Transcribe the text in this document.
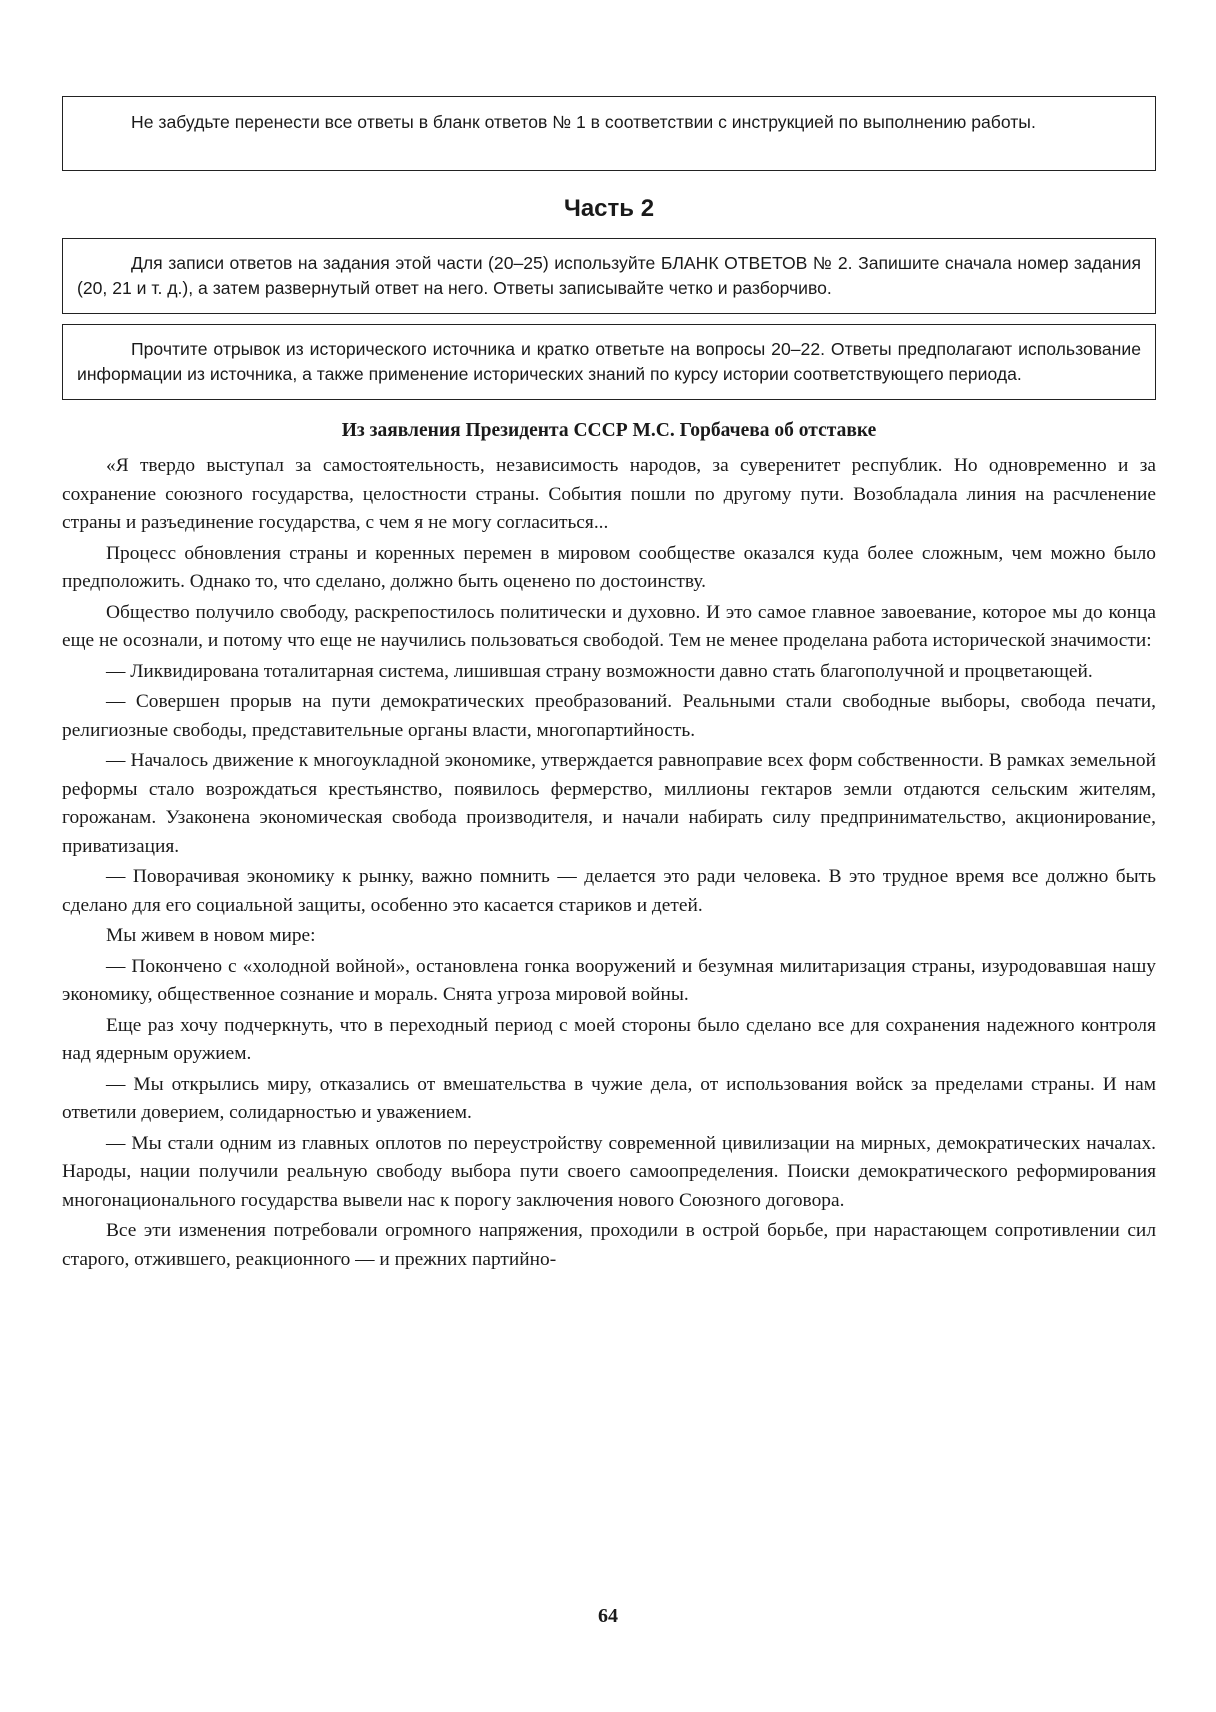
Не забудьте перенести все ответы в бланк ответов № 1 в соответствии с инструкцией по выполнению работы.

Часть 2

Для записи ответов на задания этой части (20–25) используйте БЛАНК ОТВЕТОВ № 2. Запишите сначала номер задания (20, 21 и т. д.), а затем развернутый ответ на него. Ответы записывайте четко и разборчиво.

Прочтите отрывок из исторического источника и кратко ответьте на вопросы 20–22. Ответы предполагают использование информации из источника, а также применение исторических знаний по курсу истории соответствующего периода.

Из заявления Президента СССР М.С. Горбачева об отставке

«Я твердо выступал за самостоятельность, независимость народов, за суверенитет республик. Но одновременно и за сохранение союзного государства, целостности страны. События пошли по другому пути. Возобладала линия на расчленение страны и разъединение государства, с чем я не могу согласиться...

Процесс обновления страны и коренных перемен в мировом сообществе оказался куда более сложным, чем можно было предположить. Однако то, что сделано, должно быть оценено по достоинству.

Общество получило свободу, раскрепостилось политически и духовно. И это самое главное завоевание, которое мы до конца еще не осознали, и потому что еще не научились пользоваться свободой. Тем не менее проделана работа исторической значимости:

— Ликвидирована тоталитарная система, лишившая страну возможности давно стать благополучной и процветающей.

— Совершен прорыв на пути демократических преобразований. Реальными стали свободные выборы, свобода печати, религиозные свободы, представительные органы власти, многопартийность.

— Началось движение к многоукладной экономике, утверждается равноправие всех форм собственности. В рамках земельной реформы стало возрождаться крестьянство, появилось фермерство, миллионы гектаров земли отдаются сельским жителям, горожанам. Узаконена экономическая свобода производителя, и начали набирать силу предпринимательство, акционирование, приватизация.

— Поворачивая экономику к рынку, важно помнить — делается это ради человека. В это трудное время все должно быть сделано для его социальной защиты, особенно это касается стариков и детей.

Мы живем в новом мире:

— Покончено с «холодной войной», остановлена гонка вооружений и безумная милитаризация страны, изуродовавшая нашу экономику, общественное сознание и мораль. Снята угроза мировой войны.

Еще раз хочу подчеркнуть, что в переходный период с моей стороны было сделано все для сохранения надежного контроля над ядерным оружием.

— Мы открылись миру, отказались от вмешательства в чужие дела, от использования войск за пределами страны. И нам ответили доверием, солидарностью и уважением.

— Мы стали одним из главных оплотов по переустройству современной цивилизации на мирных, демократических началах. Народы, нации получили реальную свободу выбора пути своего самоопределения. Поиски демократического реформирования многонационального государства вывели нас к порогу заключения нового Союзного договора.

Все эти изменения потребовали огромного напряжения, проходили в острой борьбе, при нарастающем сопротивлении сил старого, отжившего, реакционного — и прежних партийно-

64
